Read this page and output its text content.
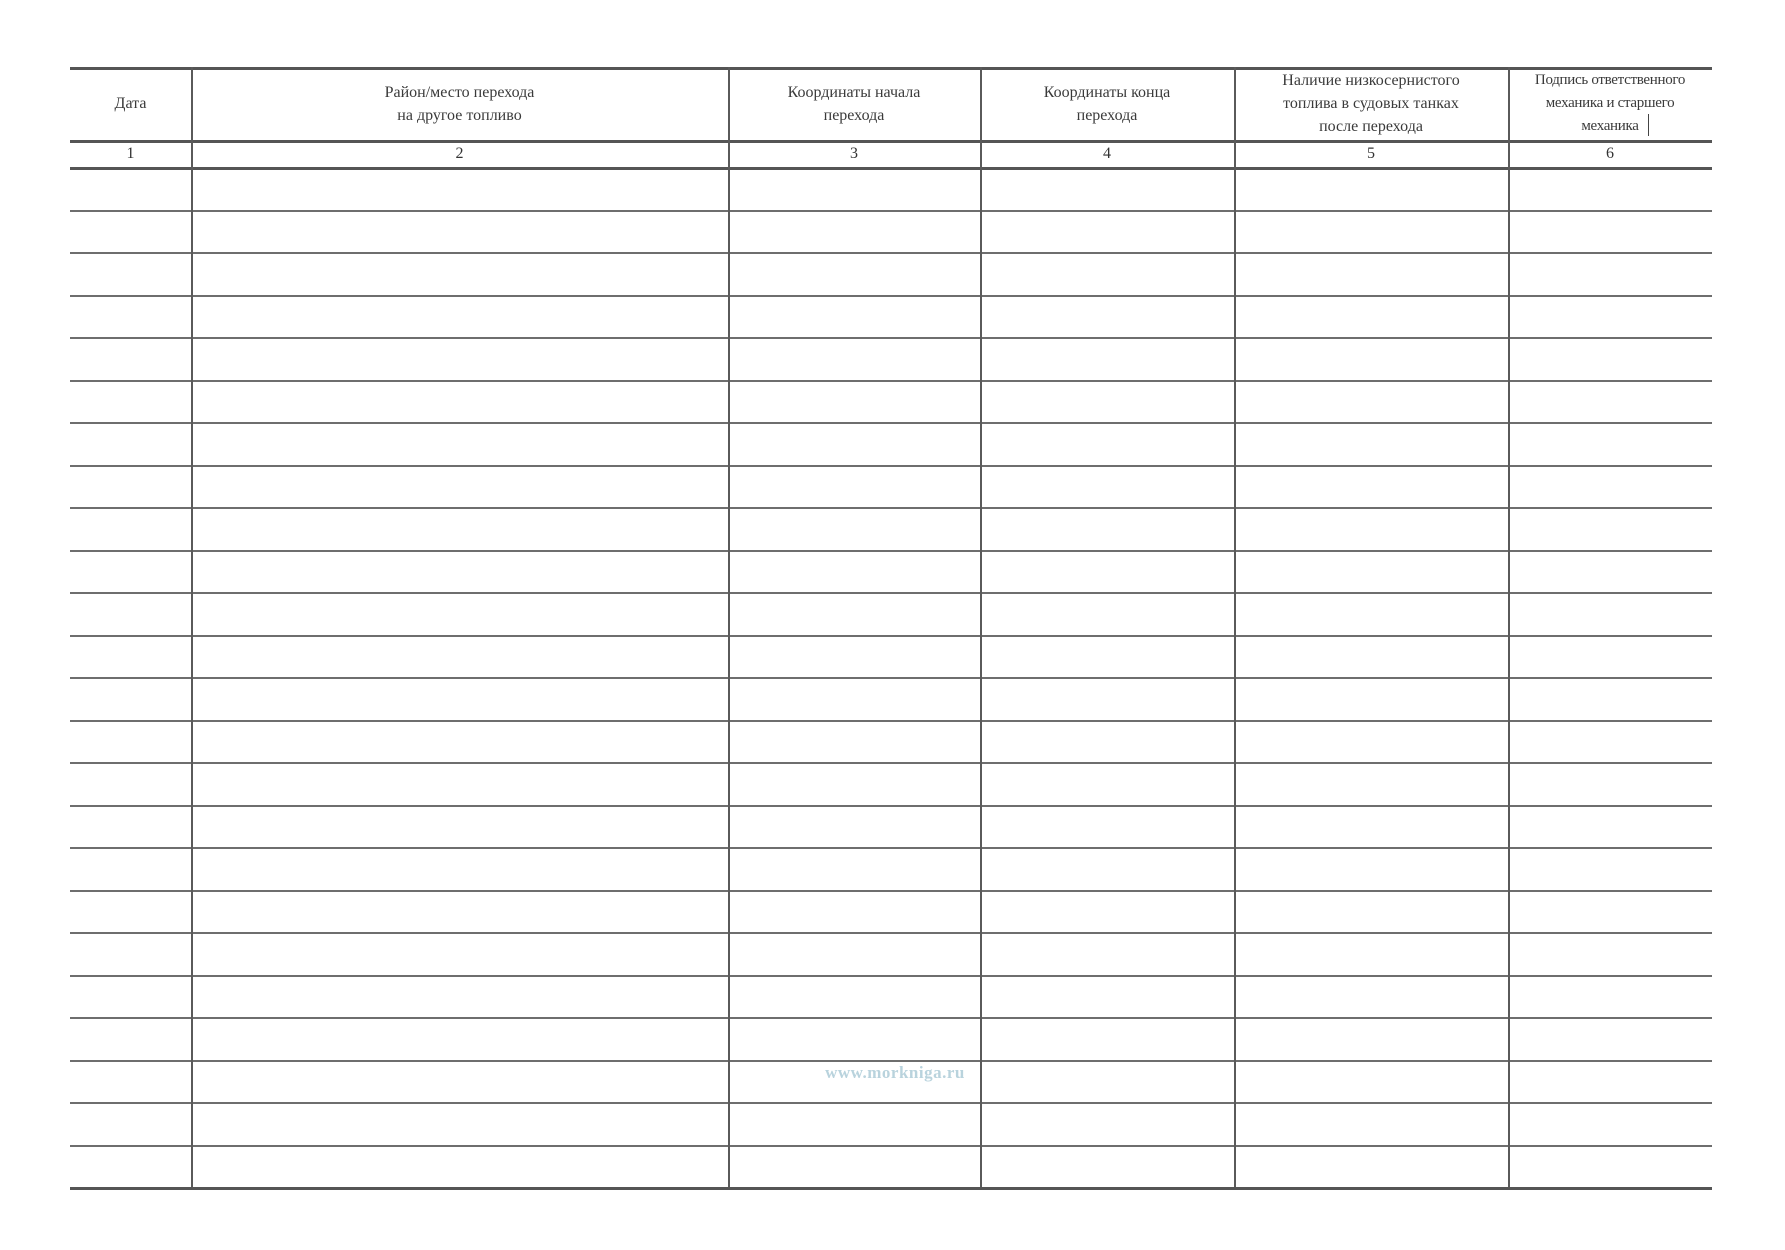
Дата
1
Район/место перехода
на другое топливо
2
Координаты начала
перехода
3
Координаты конца
перехода
4
Наличие низкосернистого
топлива в судовых танках
после перехода
5
Подпись ответственного
механика и старшего
механика
6
www.morkniga.ru
